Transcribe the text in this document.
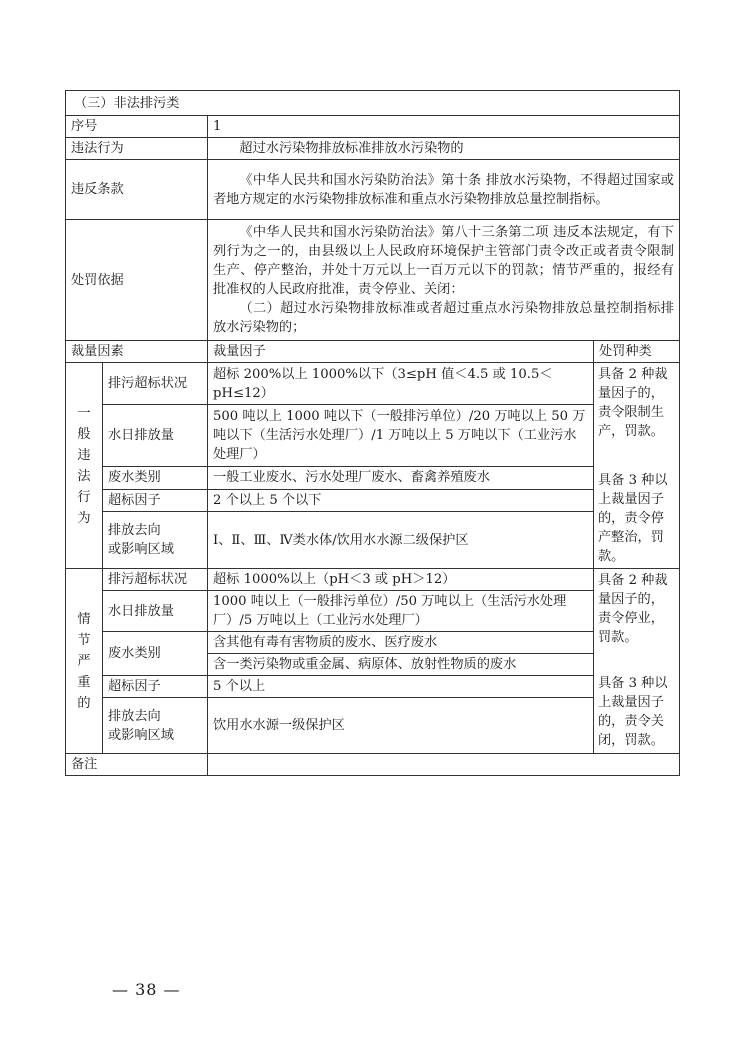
（三）非法排污类			
序号		1	
违法行为		超过水污染物排放标准排放水污染物的	
违反条款		《中华人民共和国水污染防治法》第十条 排放水污染物，不得超过国家或者地方规定的水污染物排放标准和重点水污染物排放总量控制指标。	
处罚依据		《中华人民共和国水污染防治法》第八十三条第二项 违反本法规定，有下列行为之一的，由县级以上人民政府环境保护主管部门责令改正或者责令限制生产、停产整治，并处十万元以上一百万元以下的罚款；情节严重的，报经有批准权的人民政府批准，责令停业、关闭：
（二）超过水污染物排放标准或者超过重点水污染物排放总量控制指标排放水污染物的；	

裁量因素		裁量因子	处罚种类

一
般
违
法
行
为
	排污超标状况	超标 200%以上 1000%以下（3≤pH 值＜4.5 或 10.5＜pH≤12）	
具备 2 种裁量因子的，责令限制生产，罚款。
具备 3 种以上裁量因子的，责令停产整治，罚款。

	水日排放量	500 吨以上 1000 吨以下（一般排污单位）/20 万吨以上 50 万吨以下（生活污水处理厂）/1 万吨以上 5 万吨以下（工业污水处理厂）	
	废水类别	一般工业废水、污水处理厂废水、畜禽养殖废水	
	超标因子	2 个以上 5 个以下	

	排放去向
或影响区域	Ⅰ、Ⅱ、Ⅲ、Ⅳ类水体/饮用水水源二级保护区	

情
节
严
重
的
	排污超标状况	超标 1000%以上（pH＜3 或 pH＞12）	具备 2 种裁量因子的，责令停业，罚款。
具备 3 种以上裁量因子的，责令关闭，罚款。

	水日排放量	1000 吨以上（一般排污单位）/50 万吨以上（生活污水处理厂）/5 万吨以上（工业污水处理厂）	
	废水类别	含其他有毒有害物质的废水、医疗废水
含一类污染物或重金属、病原体、放射性物质的废水	

	超标因子	5 个以上	

	排放去向
或影响区域	饮用水水源一级保护区	
备注			
— 38 —
